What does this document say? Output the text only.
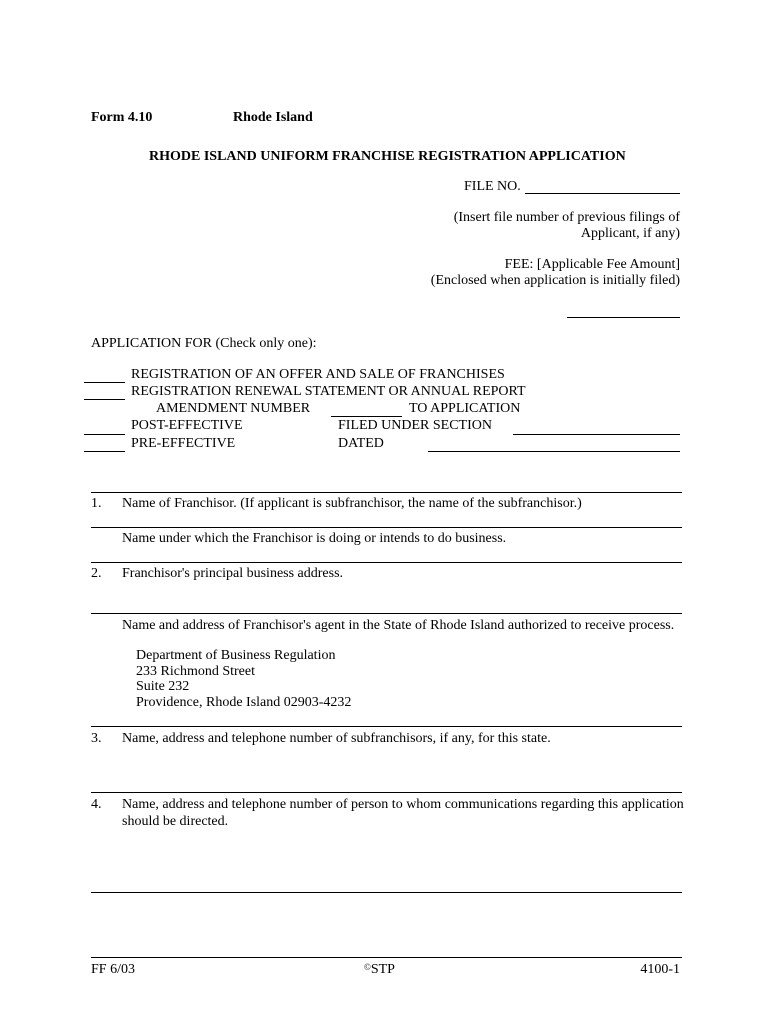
Form 4.10	Rhode Island
RHODE ISLAND UNIFORM FRANCHISE REGISTRATION APPLICATION
FILE NO.
(Insert file number of previous filings of
Applicant, if any)
FEE: [Applicable Fee Amount]
(Enclosed when application is initially filed)
APPLICATION FOR (Check only one):
REGISTRATION OF AN OFFER AND SALE OF FRANCHISES
REGISTRATION RENEWAL STATEMENT OR ANNUAL REPORT
AMENDMENT NUMBER	TO APPLICATION
POST-EFFECTIVE	FILED UNDER SECTION
PRE-EFFECTIVE	DATED
1. Name of Franchisor. (If applicant is subfranchisor, the name of the subfranchisor.)
Name under which the Franchisor is doing or intends to do business.
2. Franchisor's principal business address.
Name and address of Franchisor's agent in the State of Rhode Island authorized to receive process.
Department of Business Regulation
233 Richmond Street
Suite 232
Providence, Rhode Island 02903-4232
3. Name, address and telephone number of subfranchisors, if any, for this state.
4. Name, address and telephone number of person to whom communications regarding this application
should be directed.
FF 6/03	©STP	4100-1
